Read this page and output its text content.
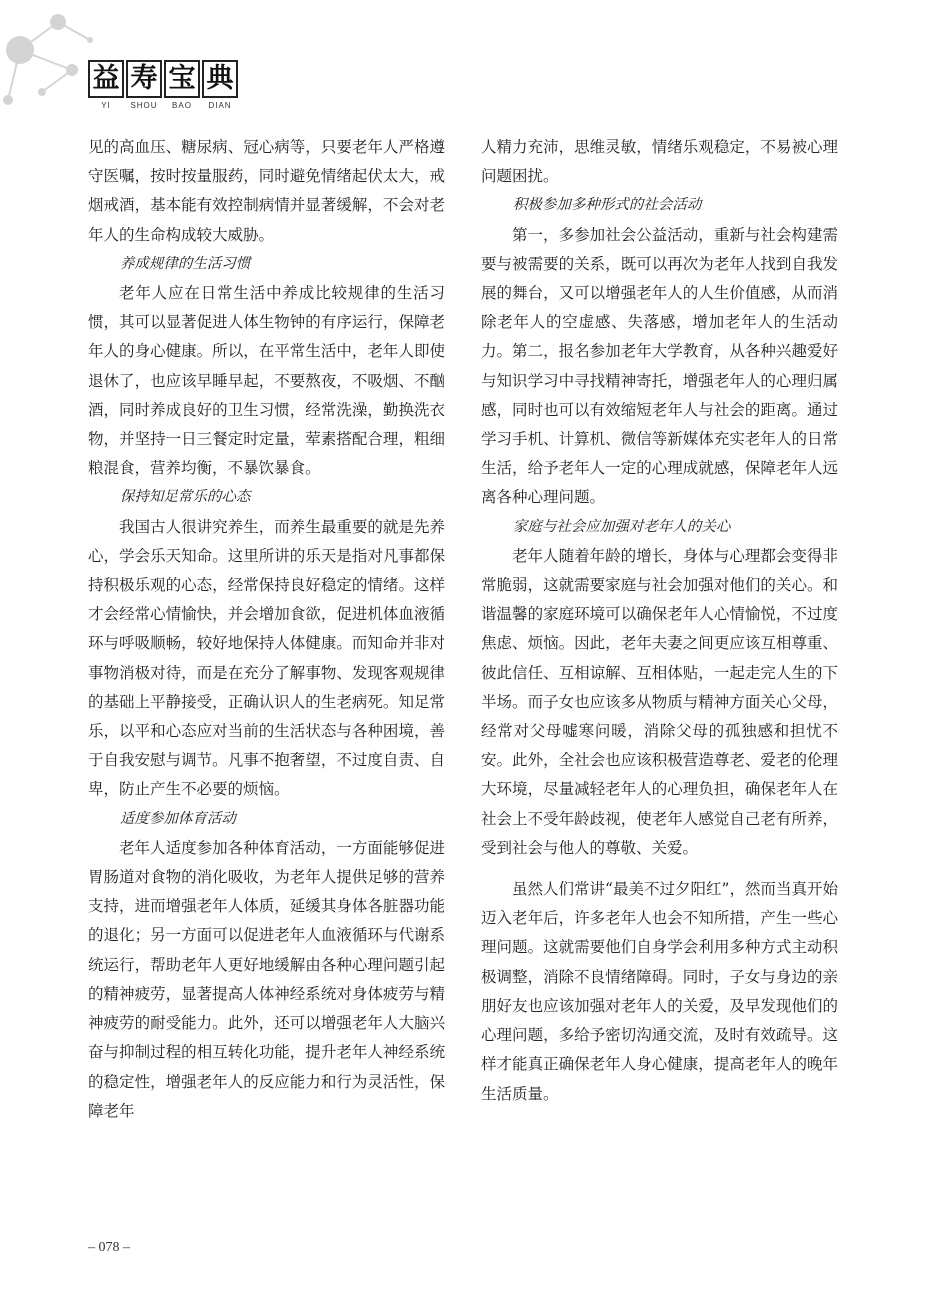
益 寿 宝 典
YI	SHOU	BAO	DIAN

见的高血压、糖尿病、冠心病等，只要老年人严格遵守医嘱，按时按量服药，同时避免情绪起伏太大，戒烟戒酒，基本能有效控制病情并显著缓解，不会对老年人的生命构成较大威胁。

养成规律的生活习惯

老年人应在日常生活中养成比较规律的生活习惯，其可以显著促进人体生物钟的有序运行，保障老年人的身心健康。所以，在平常生活中，老年人即使退休了，也应该早睡早起，不要熬夜，不吸烟、不酗酒，同时养成良好的卫生习惯，经常洗澡，勤换洗衣物，并坚持一日三餐定时定量，荤素搭配合理，粗细粮混食，营养均衡，不暴饮暴食。

保持知足常乐的心态

我国古人很讲究养生，而养生最重要的就是先养心，学会乐天知命。这里所讲的乐天是指对凡事都保持积极乐观的心态，经常保持良好稳定的情绪。这样才会经常心情愉快，并会增加食欲，促进机体血液循环与呼吸顺畅，较好地保持人体健康。而知命并非对事物消极对待，而是在充分了解事物、发现客观规律的基础上平静接受，正确认识人的生老病死。知足常乐，以平和心态应对当前的生活状态与各种困境，善于自我安慰与调节。凡事不抱奢望，不过度自责、自卑，防止产生不必要的烦恼。

适度参加体育活动

老年人适度参加各种体育活动，一方面能够促进胃肠道对食物的消化吸收，为老年人提供足够的营养支持，进而增强老年人体质，延缓其身体各脏器功能的退化；另一方面可以促进老年人血液循环与代谢系统运行，帮助老年人更好地缓解由各种心理问题引起的精神疲劳，显著提高人体神经系统对身体疲劳与精神疲劳的耐受能力。此外，还可以增强老年人大脑兴奋与抑制过程的相互转化功能，提升老年人神经系统的稳定性，增强老年人的反应能力和行为灵活性，保障老年

人精力充沛，思维灵敏，情绪乐观稳定，不易被心理问题困扰。

积极参加多种形式的社会活动

第一，多参加社会公益活动，重新与社会构建需要与被需要的关系，既可以再次为老年人找到自我发展的舞台，又可以增强老年人的人生价值感，从而消除老年人的空虚感、失落感，增加老年人的生活动力。第二，报名参加老年大学教育，从各种兴趣爱好与知识学习中寻找精神寄托，增强老年人的心理归属感，同时也可以有效缩短老年人与社会的距离。通过学习手机、计算机、微信等新媒体充实老年人的日常生活，给予老年人一定的心理成就感，保障老年人远离各种心理问题。

家庭与社会应加强对老年人的关心

老年人随着年龄的增长，身体与心理都会变得非常脆弱，这就需要家庭与社会加强对他们的关心。和谐温馨的家庭环境可以确保老年人心情愉悦，不过度焦虑、烦恼。因此，老年夫妻之间更应该互相尊重、彼此信任、互相谅解、互相体贴，一起走完人生的下半场。而子女也应该多从物质与精神方面关心父母，经常对父母嘘寒问暖，消除父母的孤独感和担忧不安。此外，全社会也应该积极营造尊老、爱老的伦理大环境，尽量减轻老年人的心理负担，确保老年人在社会上不受年龄歧视，使老年人感觉自己老有所养，受到社会与他人的尊敬、关爱。

虽然人们常讲“最美不过夕阳红”，然而当真开始迈入老年后，许多老年人也会不知所措，产生一些心理问题。这就需要他们自身学会利用多种方式主动积极调整，消除不良情绪障碍。同时，子女与身边的亲朋好友也应该加强对老年人的关爱，及早发现他们的心理问题，多给予密切沟通交流，及时有效疏导。这样才能真正确保老年人身心健康，提高老年人的晚年生活质量。

– 078 –
